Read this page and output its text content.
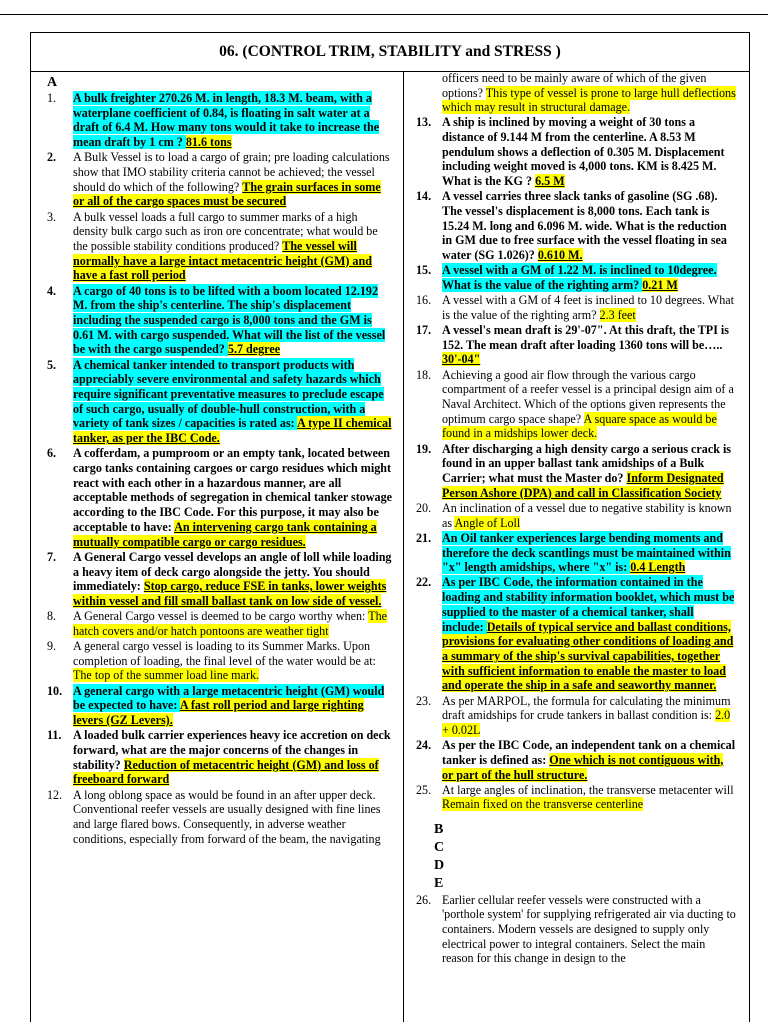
06. (CONTROL TRIM, STABILITY and STRESS )
A
1.	A bulk freighter 270.26 M. in length, 18.3 M. beam, with a waterplane coefficient of 0.84, is floating in salt water at a draft of 6.4 M. How many tons would it take to increase the mean draft by 1 cm ? 81.6 tons
2.	A Bulk Vessel is to load a cargo of grain; pre loading calculations show that IMO stability criteria cannot be achieved; the vessel should do which of the following? The grain surfaces in some or all of the cargo spaces must be secured
3.	A bulk vessel loads a full cargo to summer marks of a high density bulk cargo such as iron ore concentrate; what would be the possible stability conditions produced? The vessel will normally have a large intact metacentric height (GM) and have a fast roll period
4.	A cargo of 40 tons is to be lifted with a boom located 12.192 M. from the ship's centerline. The ship's displacement including the suspended cargo is 8,000 tons and the GM is 0.61 M. with cargo suspended. What will the list of the vessel be with the cargo suspended? 5.7 degree
5.	A chemical tanker intended to transport products with appreciably severe environmental and safety hazards which require significant preventative measures to preclude escape of such cargo, usually of double-hull construction, with a variety of tank sizes / capacities is rated as: A type II chemical tanker, as per the IBC Code.
6.	A cofferdam, a pumproom or an empty tank, located between cargo tanks containing cargoes or cargo residues which might react with each other in a hazardous manner, are all acceptable methods of segregation in chemical tanker stowage according to the IBC Code. For this purpose, it may also be acceptable to have: An intervening cargo tank containing a mutually compatible cargo or cargo residues.
7.	A General Cargo vessel develops an angle of loll while loading a heavy item of deck cargo alongside the jetty. You should immediately: Stop cargo, reduce FSE in tanks, lower weights within vessel and fill small ballast tank on low side of vessel.
8.	A General Cargo vessel is deemed to be cargo worthy when: The hatch covers and/or hatch pontoons are weather tight
9.	A general cargo vessel is loading to its Summer Marks. Upon completion of loading, the final level of the water would be at: The top of the summer load line mark.
10. A general cargo with a large metacentric height (GM) would be expected to have: A fast roll period and large righting levers (GZ Levers).
11. A loaded bulk carrier experiences heavy ice accretion on deck forward, what are the major concerns of the changes in stability? Reduction of metacentric height (GM) and loss of freeboard forward
12. A long oblong space as would be found in an after upper deck. Conventional reefer vessels are usually designed with fine lines and large flared bows. Consequently, in adverse weather conditions, especially from forward of the beam, the navigating
officers need to be mainly aware of which of the given options? This type of vessel is prone to large hull deflections which may result in structural damage.
13. A ship is inclined by moving a weight of 30 tons a distance of 9.144 M from the centerline. A 8.53 M pendulum shows a deflection of 0.305 M. Displacement including weight moved is 4,000 tons. KM is 8.425 M. What is the KG ? 6.5 M
14. A vessel carries three slack tanks of gasoline (SG .68). The vessel's displacement is 8,000 tons. Each tank is 15.24 M. long and 6.096 M. wide. What is the reduction in GM due to free surface with the vessel floating in sea water (SG 1.026)? 0.610 M.
15. A vessel with a GM of 1.22 M. is inclined to 10degree. What is the value of the righting arm? 0.21 M
16. A vessel with a GM of 4 feet is inclined to 10 degrees. What is the value of the righting arm? 2.3 feet
17. A vessel's mean draft is 29'-07". At this draft, the TPI is 152. The mean draft after loading 1360 tons will be….. 30'-04"
18. Achieving a good air flow through the various cargo compartment of a reefer vessel is a principal design aim of a Naval Architect. Which of the options given represents the optimum cargo space shape? A square space as would be found in a midships lower deck.
19. After discharging a high density cargo a serious crack is found in an upper ballast tank amidships of a Bulk Carrier; what must the Master do? Inform Designated Person Ashore (DPA) and call in Classification Society
20. An inclination of a vessel due to negative stability is known as Angle of Loll
21. An Oil tanker experiences large bending moments and therefore the deck scantlings must be maintained within "x" length amidships, where "x" is: 0.4 Length
22. As per IBC Code, the information contained in the loading and stability information booklet, which must be supplied to the master of a chemical tanker, shall include: Details of typical service and ballast conditions, provisions for evaluating other conditions of loading and a summary of the ship's survival capabilities, together with sufficient information to enable the master to load and operate the ship in a safe and seaworthy manner.
23. As per MARPOL, the formula for calculating the minimum draft amidships for crude tankers in ballast condition is: 2.0 + 0.02L
24. As per the IBC Code, an independent tank on a chemical tanker is defined as: One which is not contiguous with, or part of the hull structure.
25. At large angles of inclination, the transverse metacenter will Remain fixed on the transverse centerline
B
C
D
E
26. Earlier cellular reefer vessels were constructed with a 'porthole system' for supplying refrigerated air via ducting to containers. Modern vessels are designed to supply only electrical power to integral containers. Select the main reason for this change in design to the
